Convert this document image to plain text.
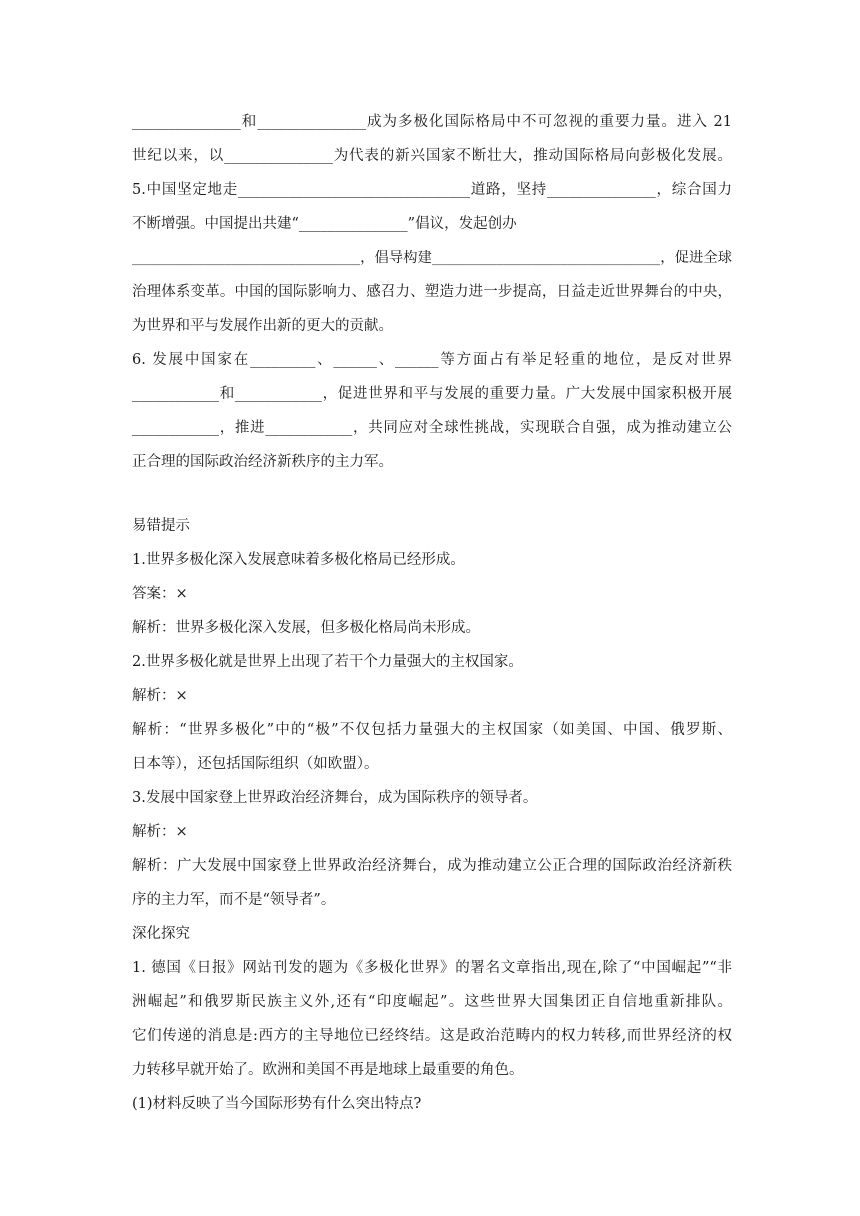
_______________和_______________成为多极化国际格局中不可忽视的重要力量。进入 21
世纪以来，以_______________为代表的新兴国家不断壮大，推动国际格局向彭极化发展。
5.中国坚定地走________________________________道路，坚持_______________，综合国力
不断增强。中国提出共建“_______________”倡议，发起创办
________________________________，倡导构建________________________________，促进全球
治理体系变革。中国的国际影响力、感召力、塑造力进一步提高，日益走近世界舞台的中央，
为世界和平与发展作出新的更大的贡献。
6. 发展中国家在_________、______、______等方面占有举足轻重的地位，是反对世界
____________和____________，促进世界和平与发展的重要力量。广大发展中国家积极开展
____________，推进____________，共同应对全球性挑战，实现联合自强，成为推动建立公
正合理的国际政治经济新秩序的主力军。
易错提示
1.世界多极化深入发展意味着多极化格局已经形成。
答案：×
解析：世界多极化深入发展，但多极化格局尚未形成。
2.世界多极化就是世界上出现了若干个力量强大的主权国家。
解析：×
解析：“世界多极化”中的“极”不仅包括力量强大的主权国家（如美国、中国、俄罗斯、
日本等），还包括国际组织（如欧盟）。
3.发展中国家登上世界政治经济舞台，成为国际秩序的领导者。
解析：×
解析：广大发展中国家登上世界政治经济舞台，成为推动建立公正合理的国际政治经济新秩
序的主力军，而不是“领导者”。
深化探究
1. 德国《日报》网站刊发的题为《多极化世界》的署名文章指出,现在,除了“中国崛起”“非
洲崛起”和俄罗斯民族主义外,还有“印度崛起”。这些世界大国集团正自信地重新排队。
它们传递的消息是:西方的主导地位已经终结。这是政治范畴内的权力转移,而世界经济的权
力转移早就开始了。欧洲和美国不再是地球上最重要的角色。
(1)材料反映了当今国际形势有什么突出特点?
